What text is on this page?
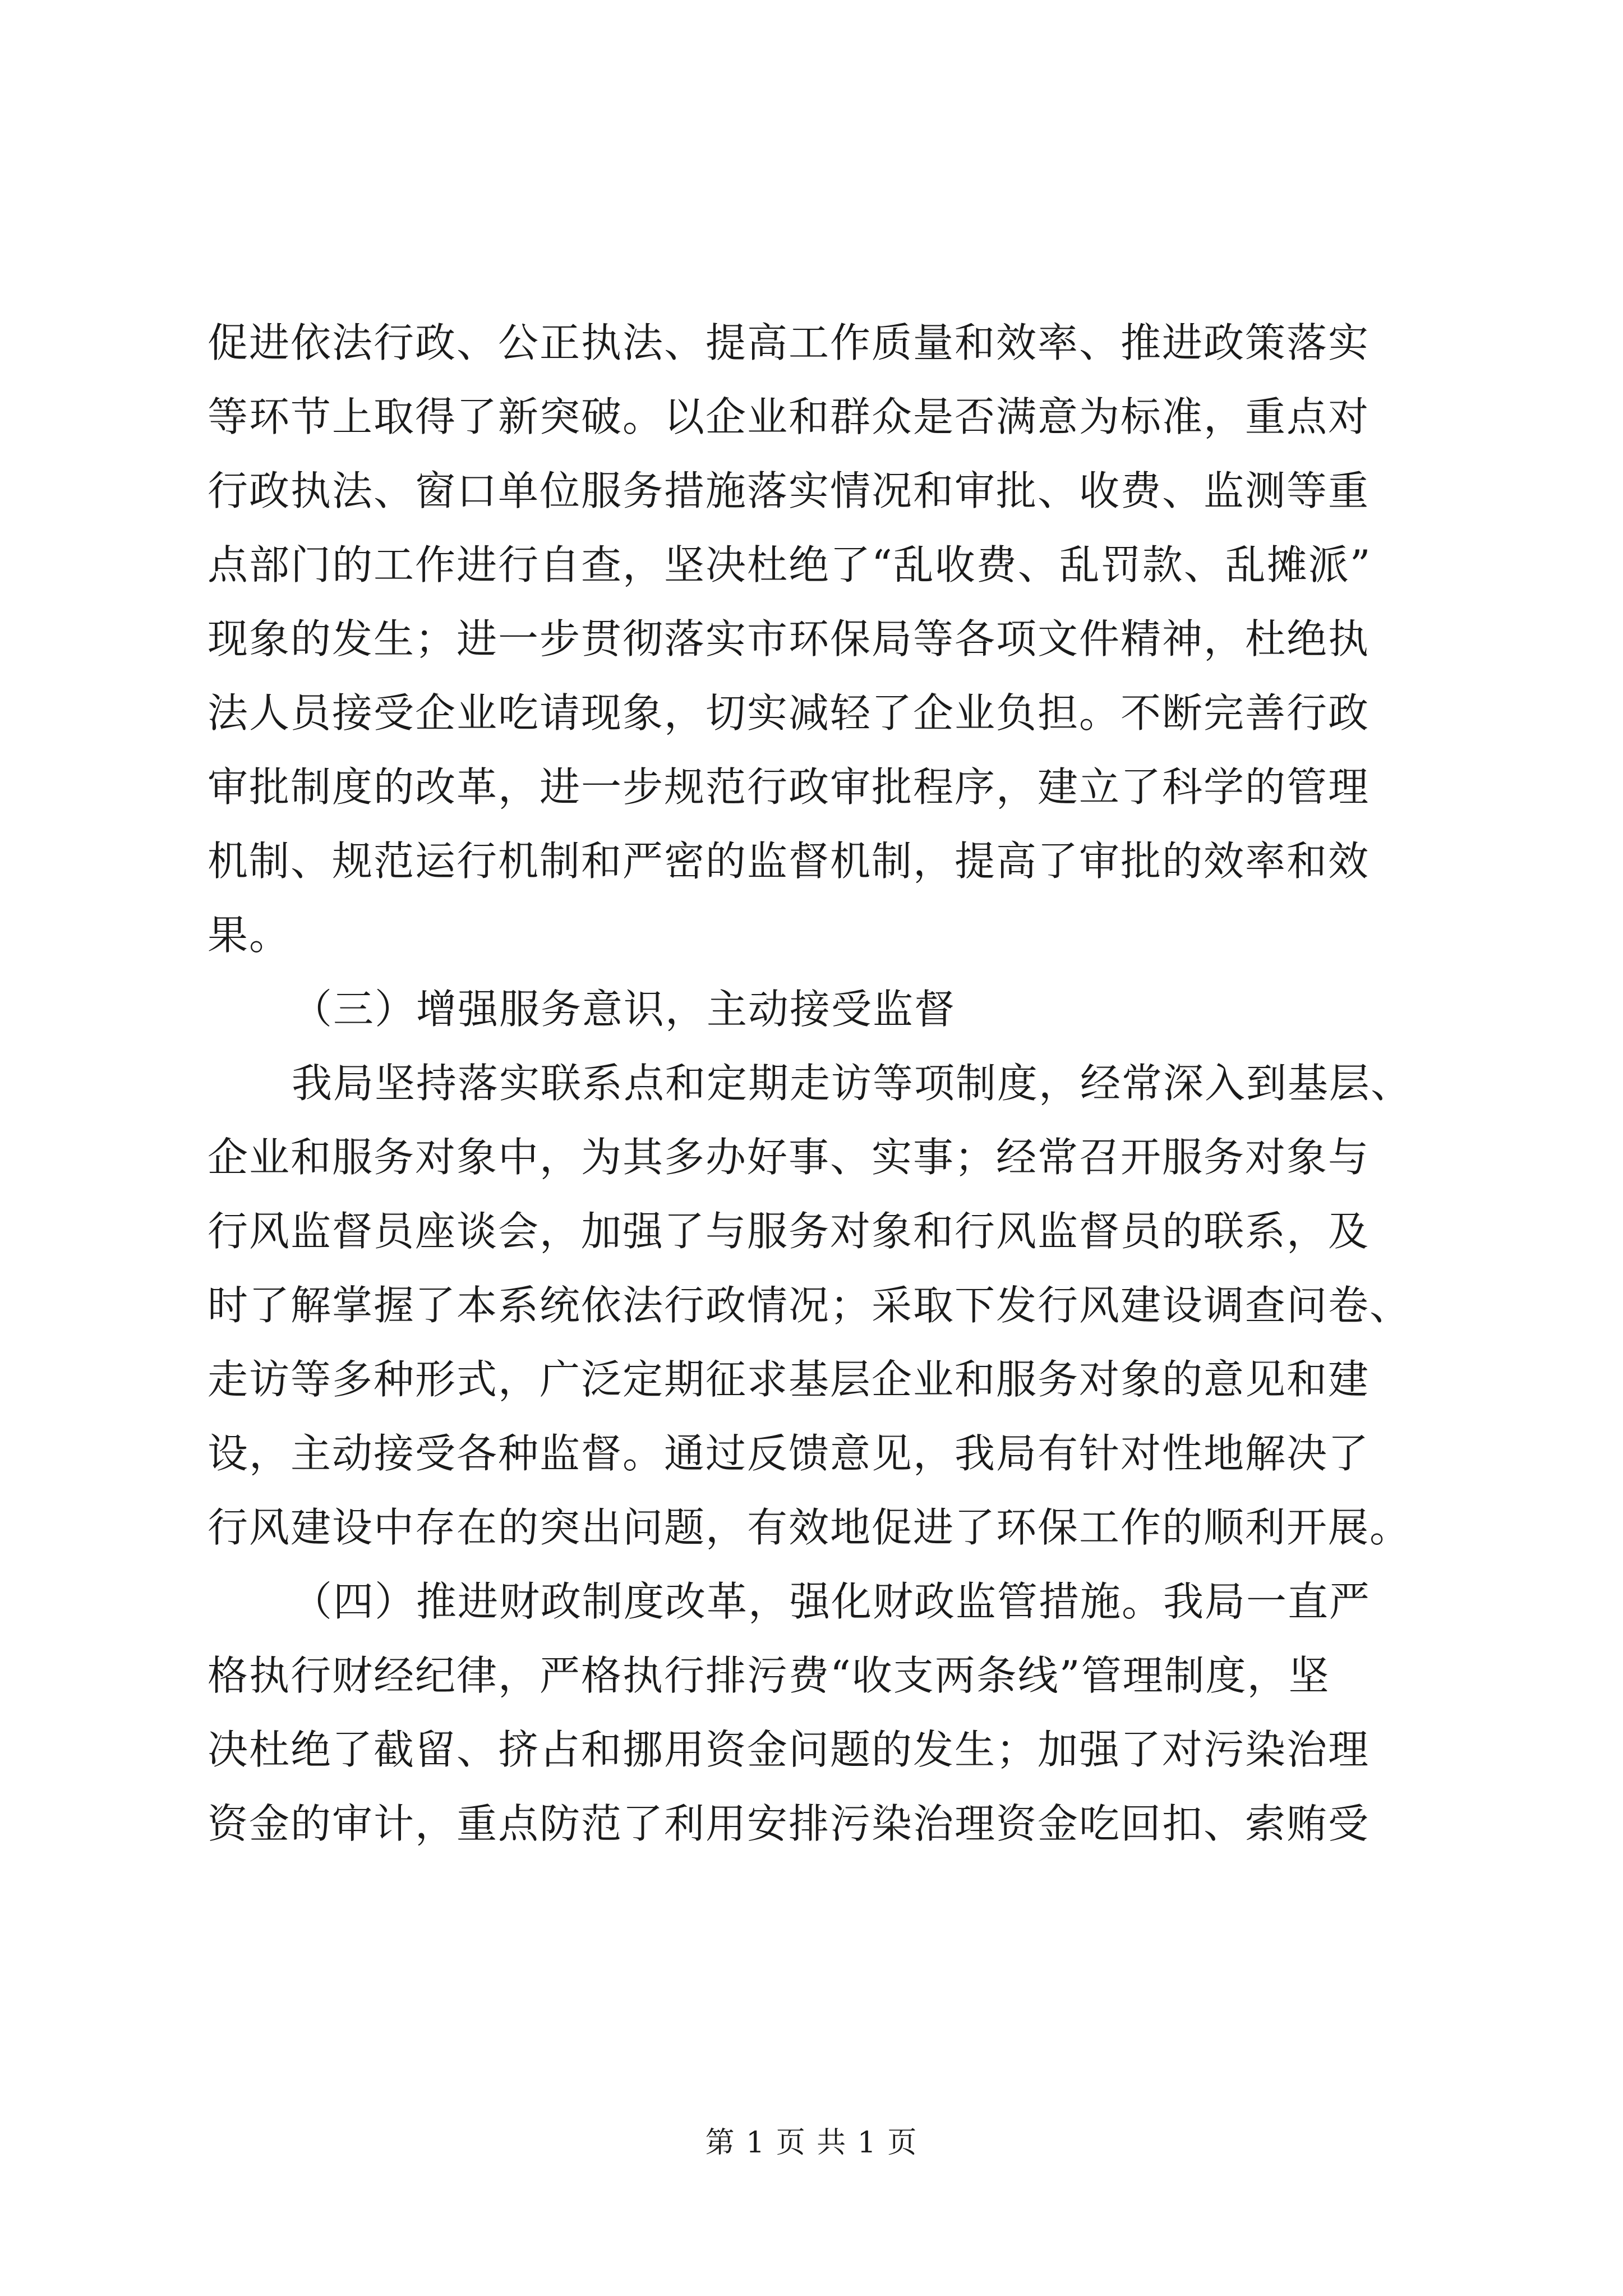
促进依法行政、公正执法、提高工作质量和效率、推进政策落实
等环节上取得了新突破。以企业和群众是否满意为标准，重点对
行政执法、窗口单位服务措施落实情况和审批、收费、监测等重
点部门的工作进行自查，坚决杜绝了“乱收费、乱罚款、乱摊派”
现象的发生；进一步贯彻落实市环保局等各项文件精神，杜绝执
法人员接受企业吃请现象，切实减轻了企业负担。不断完善行政
审批制度的改革，进一步规范行政审批程序，建立了科学的管理
机制、规范运行机制和严密的监督机制，提高了审批的效率和效
果。
（三）增强服务意识，主动接受监督
我局坚持落实联系点和定期走访等项制度，经常深入到基层、
企业和服务对象中，为其多办好事、实事；经常召开服务对象与
行风监督员座谈会，加强了与服务对象和行风监督员的联系，及
时了解掌握了本系统依法行政情况；采取下发行风建设调查问卷、
走访等多种形式，广泛定期征求基层企业和服务对象的意见和建
设，主动接受各种监督。通过反馈意见，我局有针对性地解决了
行风建设中存在的突出问题，有效地促进了环保工作的顺利开展。
（四）推进财政制度改革，强化财政监管措施。我局一直严
格执行财经纪律，严格执行排污费“收支两条线”管理制度，坚
决杜绝了截留、挤占和挪用资金问题的发生；加强了对污染治理
资金的审计，重点防范了利用安排污染治理资金吃回扣、索贿受
第 1 页 共 1 页
